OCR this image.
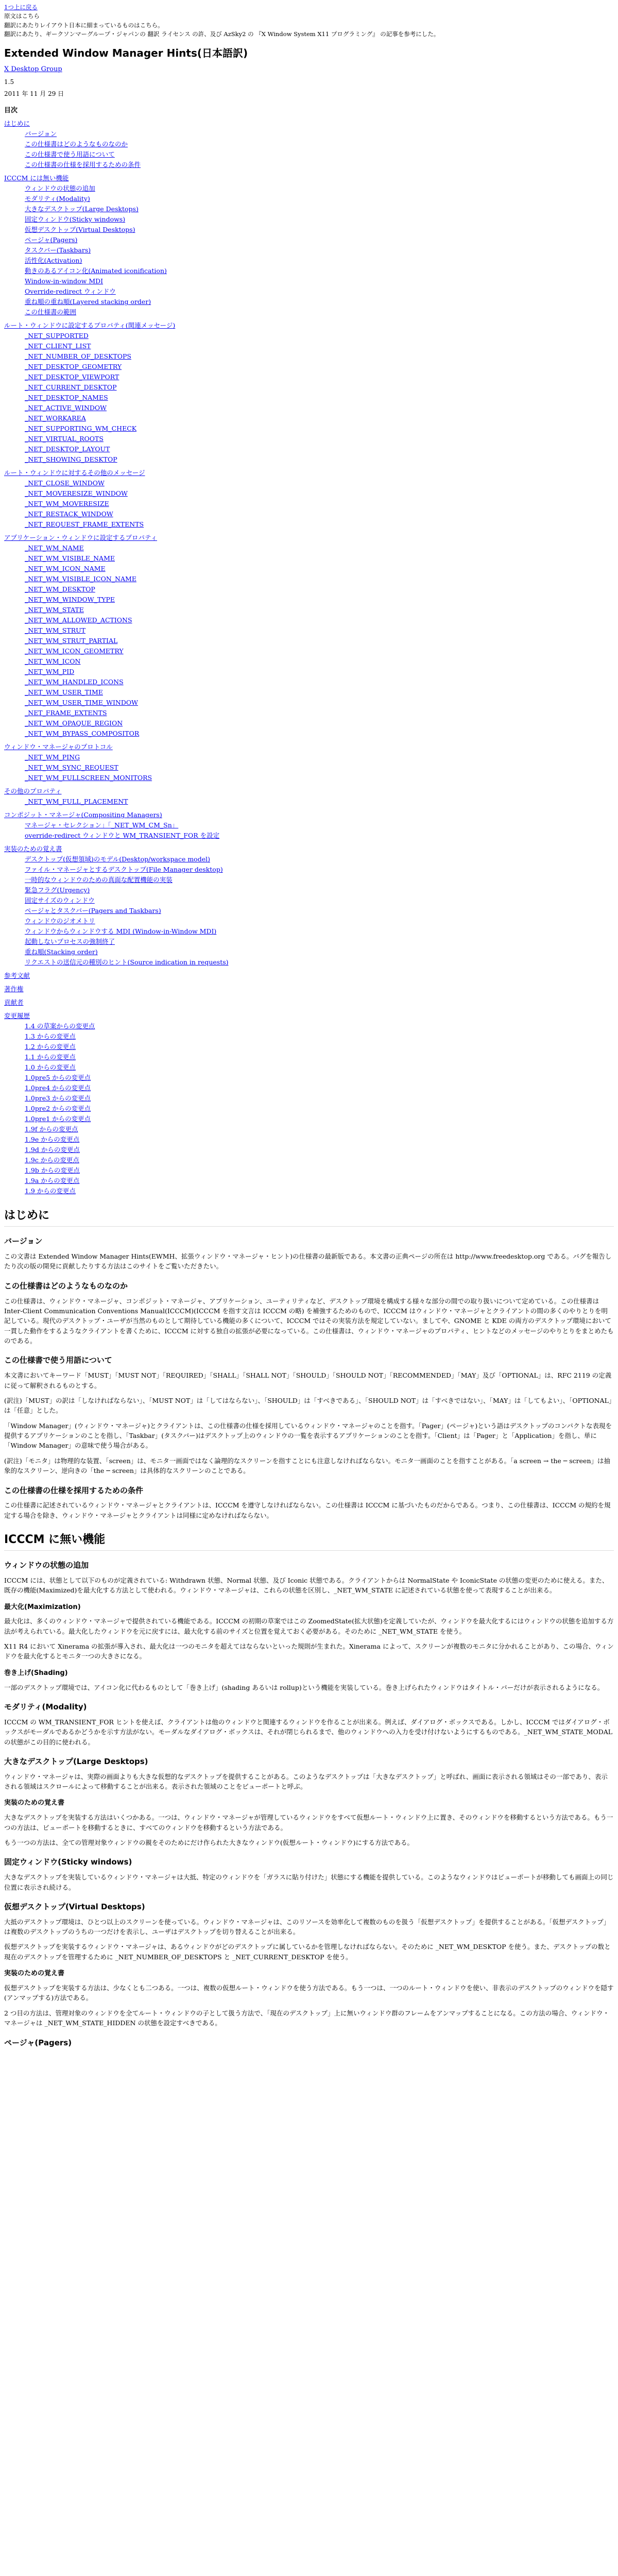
1つ上に戻る
原文はこちら
翻訳にあたりレイアウト日本に細まっているものはこちら。
翻訳にあたり、ギークソンマーグループ・ジャパンの 翻訳 ライセンス の許、及び AzSky2 の 『X Window System X11 プログラミング』 の記事を参考にした。
Extended Window Manager Hints(日本語訳)
X Desktop Group
1.5
2011 年 11 月 29 日
目次
はじめに
バージョン
この仕様書はどのようなものなのか
この仕様書で使う用語について
この仕様書の仕様を採用するための条件
ICCCM には無い機能
ウィンドウの状態の追加
モダリティ(Modality)
大きなデスクトップ(Large Desktops)
固定ウィンドウ(Sticky windows)
仮想デスクトップ(Virtual Desktops)
ページャ(Pagers)
タスクバー(Taskbars)
活性化(Activation)
動きのあるアイコン化(Animated iconification)
Window-in-window MDI
Override-redirect ウィンドウ
重ね順の重ね順(Layered stacking order)
この仕様書の範囲
ルート・ウィンドウに設定するプロパティ(関連メッセージ)
_NET_SUPPORTED
_NET_CLIENT_LIST
_NET_NUMBER_OF_DESKTOPS
_NET_DESKTOP_GEOMETRY
_NET_DESKTOP_VIEWPORT
_NET_CURRENT_DESKTOP
_NET_DESKTOP_NAMES
_NET_ACTIVE_WINDOW
_NET_WORKAREA
_NET_SUPPORTING_WM_CHECK
_NET_VIRTUAL_ROOTS
_NET_DESKTOP_LAYOUT
_NET_SHOWING_DESKTOP
ルート・ウィンドウに対するその他のメッセージ
_NET_CLOSE_WINDOW
_NET_MOVERESIZE_WINDOW
_NET_WM_MOVERESIZE
_NET_RESTACK_WINDOW
_NET_REQUEST_FRAME_EXTENTS
アプリケーション・ウィンドウに設定するプロパティ
_NET_WM_NAME
_NET_WM_VISIBLE_NAME
_NET_WM_ICON_NAME
_NET_WM_VISIBLE_ICON_NAME
_NET_WM_DESKTOP
_NET_WM_WINDOW_TYPE
_NET_WM_STATE
_NET_WM_ALLOWED_ACTIONS
_NET_WM_STRUT
_NET_WM_STRUT_PARTIAL
_NET_WM_ICON_GEOMETRY
_NET_WM_ICON
_NET_WM_PID
_NET_WM_HANDLED_ICONS
_NET_WM_USER_TIME
_NET_WM_USER_TIME_WINDOW
_NET_FRAME_EXTENTS
_NET_WM_OPAQUE_REGION
_NET_WM_BYPASS_COMPOSITOR
ウィンドウ・マネージャのプロトコル
_NET_WM_PING
_NET_WM_SYNC_REQUEST
_NET_WM_FULLSCREEN_MONITORS
その他のプロパティ
_NET_WM_FULL_PLACEMENT
コンポジット・マネージャ(Compositing Managers)
マネージャ・セレクション」「_NET_WM_CM_Sn」
override-redirect ウィンドウと WM_TRANSIENT_FOR を設定
実装のための覚え書
デスクトップ(仮想領域)のモデル(Desktop/workspace model)
ファイル・マネージャとするデスクトップ(File Manager desktop)
一時的なウィンドウのための真面な配置機能の実装
緊急フラグ(Urgency)
固定サイズのウィンドウ
ページャとタスクバー(Pagers and Taskbars)
ウィンドウのジオメトリ
ウィンドウからウィンドウする MDI (Window-in-Window MDI)
起動しないプロセスの強制終了
重ね順(Stacking order)
リクエストの送信元の種別のヒント(Source indication in requests)
参考文献
著作権
貢献者
変更履歴
1.4 の草案からの変更点
1.3 からの変更点
1.2 からの変更点
1.1 からの変更点
1.0 からの変更点
1.0pre5 からの変更点
1.0pre4 からの変更点
1.0pre3 からの変更点
1.0pre2 からの変更点
1.0pre1 からの変更点
1.9f からの変更点
1.9e からの変更点
1.9d からの変更点
1.9c からの変更点
1.9b からの変更点
1.9a からの変更点
1.9 からの変更点
はじめに
バージョン

この文書は Extended Window Manager Hints(EWMH、拡張ウィンドウ・マネージャ・ヒント)の仕様書の最新版である。本文書の正典ページの所在は http://www.freedesktop.org である。バグを報告したり次の版の開発に貢献したりする方法はこのサイトをご覧いただきたい。

この仕様書はどのようなものなのか

この仕様書は、ウィンドウ・マネージャ、コンポジット・マネージャ、アプリケーション、ユーティリティなど、デスクトップ環境を構成する様々な部分の間での取り扱いについて定めている。この仕様書は Inter-Client Communication Conventions Manual(ICCCM)(ICCCM を指す文言は ICCCM の略) を補強するためのもので、ICCCM はウィンドウ・マネージャとクライアントの間の多くのやりとりを明記している。現代のデスクトップ・ユーザが当然のものとして期待している機能の多くについて、ICCCM ではその実装方法を規定していない。ましてや、GNOME と KDE の両方のデスクトップ環境において一貫した動作をするようなクライアントを書くために、ICCCM に対する独自の拡張が必要になっている。この仕様書は、ウィンドウ・マネージャのプロパティ、ヒントなどのメッセージのやりとりをまとめたものである。

この仕様書で使う用語について

本文書においてキーワード「MUST」「MUST NOT」「REQUIRED」「SHALL」「SHALL NOT」「SHOULD」「SHOULD NOT」「RECOMMENDED」「MAY」及び「OPTIONAL」は、RFC 2119 の定義に従って解釈されるものとする。

(訳注)「MUST」の訳は「しなければならない」、「MUST NOT」は「してはならない」、「SHOULD」は「すべきである」、「SHOULD NOT」は「すべきではない」、「MAY」は「してもよい」、「OPTIONAL」は「任意」とした。

「Window Manager」(ウィンドウ・マネージャ)とクライアントは、この仕様書の仕様を採用しているウィンドウ・マネージャのことを指す。「Pager」(ページャ)という語はデスクトップのコンパクトな表現を提供するアプリケーションのことを指し、「Taskbar」(タスクバー)はデスクトップ上のウィンドウの一覧を表示するアプリケーションのことを指す。「Client」は「Pager」と「Application」を指し、単に「Window Manager」の意味で使う場合がある。

(訳注)「モニタ」は物理的な装置、「screen」は、モニタ一画面ではなく論理的なスクリーンを指すことにも注意しなければならない。モニタ一画面のことを指すことがある。「a screen → the ─ screen」は抽象的なスクリーン、逆向きの「the ─ screen」は具体的なスクリーンのことである。

この仕様書の仕様を採用するための条件

この仕様書に記述されているウィンドウ・マネージャとクライアントは、ICCCM を遵守しなければならない。この仕様書は ICCCM に基づいたものだからである。つまり、この仕様書は、ICCCM の規約を規定する場合を除き、ウィンドウ・マネージャとクライアントは同様に定めなければならない。

ICCCM に無い機能
ウィンドウの状態の追加

ICCCM には、状態として以下のものが定義されている: Withdrawn 状態、Normal 状態、及び Iconic 状態である。クライアントからは NormalState や IconicState の状態の変更のために使える。また、既存の機能(Maximized)を最大化する方法として使われる。ウィンドウ・マネージャは、これらの状態を区別し、_NET_WM_STATE に記述されている状態を使って表現することが出来る。

最大化(Maximization)

最大化は、多くのウィンドウ・マネージャで提供されている機能である。ICCCM の初期の草案ではこの ZoomedState(拡大状態)を定義していたが、ウィンドウを最大化するにはウィンドウの状態を追加する方法が考えられている。最大化したウィンドウを元に戻すには、最大化する前のサイズと位置を覚えておく必要がある。そのために _NET_WM_STATE を使う。

X11 R4 において Xinerama の拡張が導入され、最大化は一つのモニタを超えてはならないといった規則が生まれた。Xinerama によって、スクリーンが複数のモニタに分かれることがあり、この場合、ウィンドウを最大化するとモニタ一つの大きさになる。

巻き上げ(Shading)

一部のデスクトップ環境では、アイコン化に代わるものとして「巻き上げ」(shading あるいは rollup)という機能を実装している。巻き上げられたウィンドウはタイトル・バーだけが表示されるようになる。

モダリティ(Modality)

ICCCM の WM_TRANSIENT_FOR ヒントを使えば、クライアントは他のウィンドウと関連するウィンドウを作ることが出来る。例えば、ダイアログ・ボックスである。しかし、ICCCM ではダイアログ・ボックスがモーダルであるかどうかを示す方法がない。モーダルなダイアログ・ボックスは、それが閉じられるまで、他のウィンドウへの入力を受け付けないようにするものである。_NET_WM_STATE_MODAL の状態がこの目的に使われる。

大きなデスクトップ(Large Desktops)

ウィンドウ・マネージャは、実際の画面よりも大きな仮想的なデスクトップを提供することがある。このようなデスクトップは「大きなデスクトップ」と呼ばれ、画面に表示される領域はその一部であり、表示される領域はスクロールによって移動することが出来る。表示された領域のことをビューポートと呼ぶ。

実装のための覚え書

大きなデスクトップを実装する方法はいくつかある。一つは、ウィンドウ・マネージャが管理しているウィンドウをすべて仮想ルート・ウィンドウ上に置き、そのウィンドウを移動するという方法である。もう一つの方法は、ビューポートを移動するときに、すべてのウィンドウを移動するという方法である。

もう一つの方法は、全ての管理対象ウィンドウの親をそのためにだけ作られた大きなウィンドウ(仮想ルート・ウィンドウ)にする方法である。

固定ウィンドウ(Sticky windows)

大きなデスクトップを実装しているウィンドウ・マネージャは大抵、特定のウィンドウを「ガラスに貼り付けた」状態にする機能を提供している。このようなウィンドウはビューポートが移動しても画面上の同じ位置に表示され続ける。

仮想デスクトップ(Virtual Desktops)

大抵のデスクトップ環境は、ひとつ以上のスクリーンを使っている。ウィンドウ・マネージャは、このリソースを効率化して複数のものを扱う「仮想デスクトップ」を提供することがある。「仮想デスクトップ」は複数のデスクトップのうちの一つだけを表示し、ユーザはデスクトップを切り替えることが出来る。

仮想デスクトップを実装するウィンドウ・マネージャは、あるウィンドウがどのデスクトップに属しているかを管理しなければならない。そのために _NET_WM_DESKTOP を使う。また、デスクトップの数と現在のデスクトップを管理するために _NET_NUMBER_OF_DESKTOPS と _NET_CURRENT_DESKTOP を使う。

実装のための覚え書

仮想デスクトップを実装する方法は、少なくとも二つある。一つは、複数の仮想ルート・ウィンドウを使う方法である。もう一つは、一つのルート・ウィンドウを使い、非表示のデスクトップのウィンドウを隠す(アンマップする)方法である。

2 つ目の方法は、管理対象のウィンドウを全てルート・ウィンドウの子として扱う方法で、「現在のデスクトップ」上に無いウィンドウ群のフレームをアンマップすることになる。この方法の場合、ウィンドウ・マネージャは _NET_WM_STATE_HIDDEN の状態を設定すべきである。

ページャ(Pagers)
